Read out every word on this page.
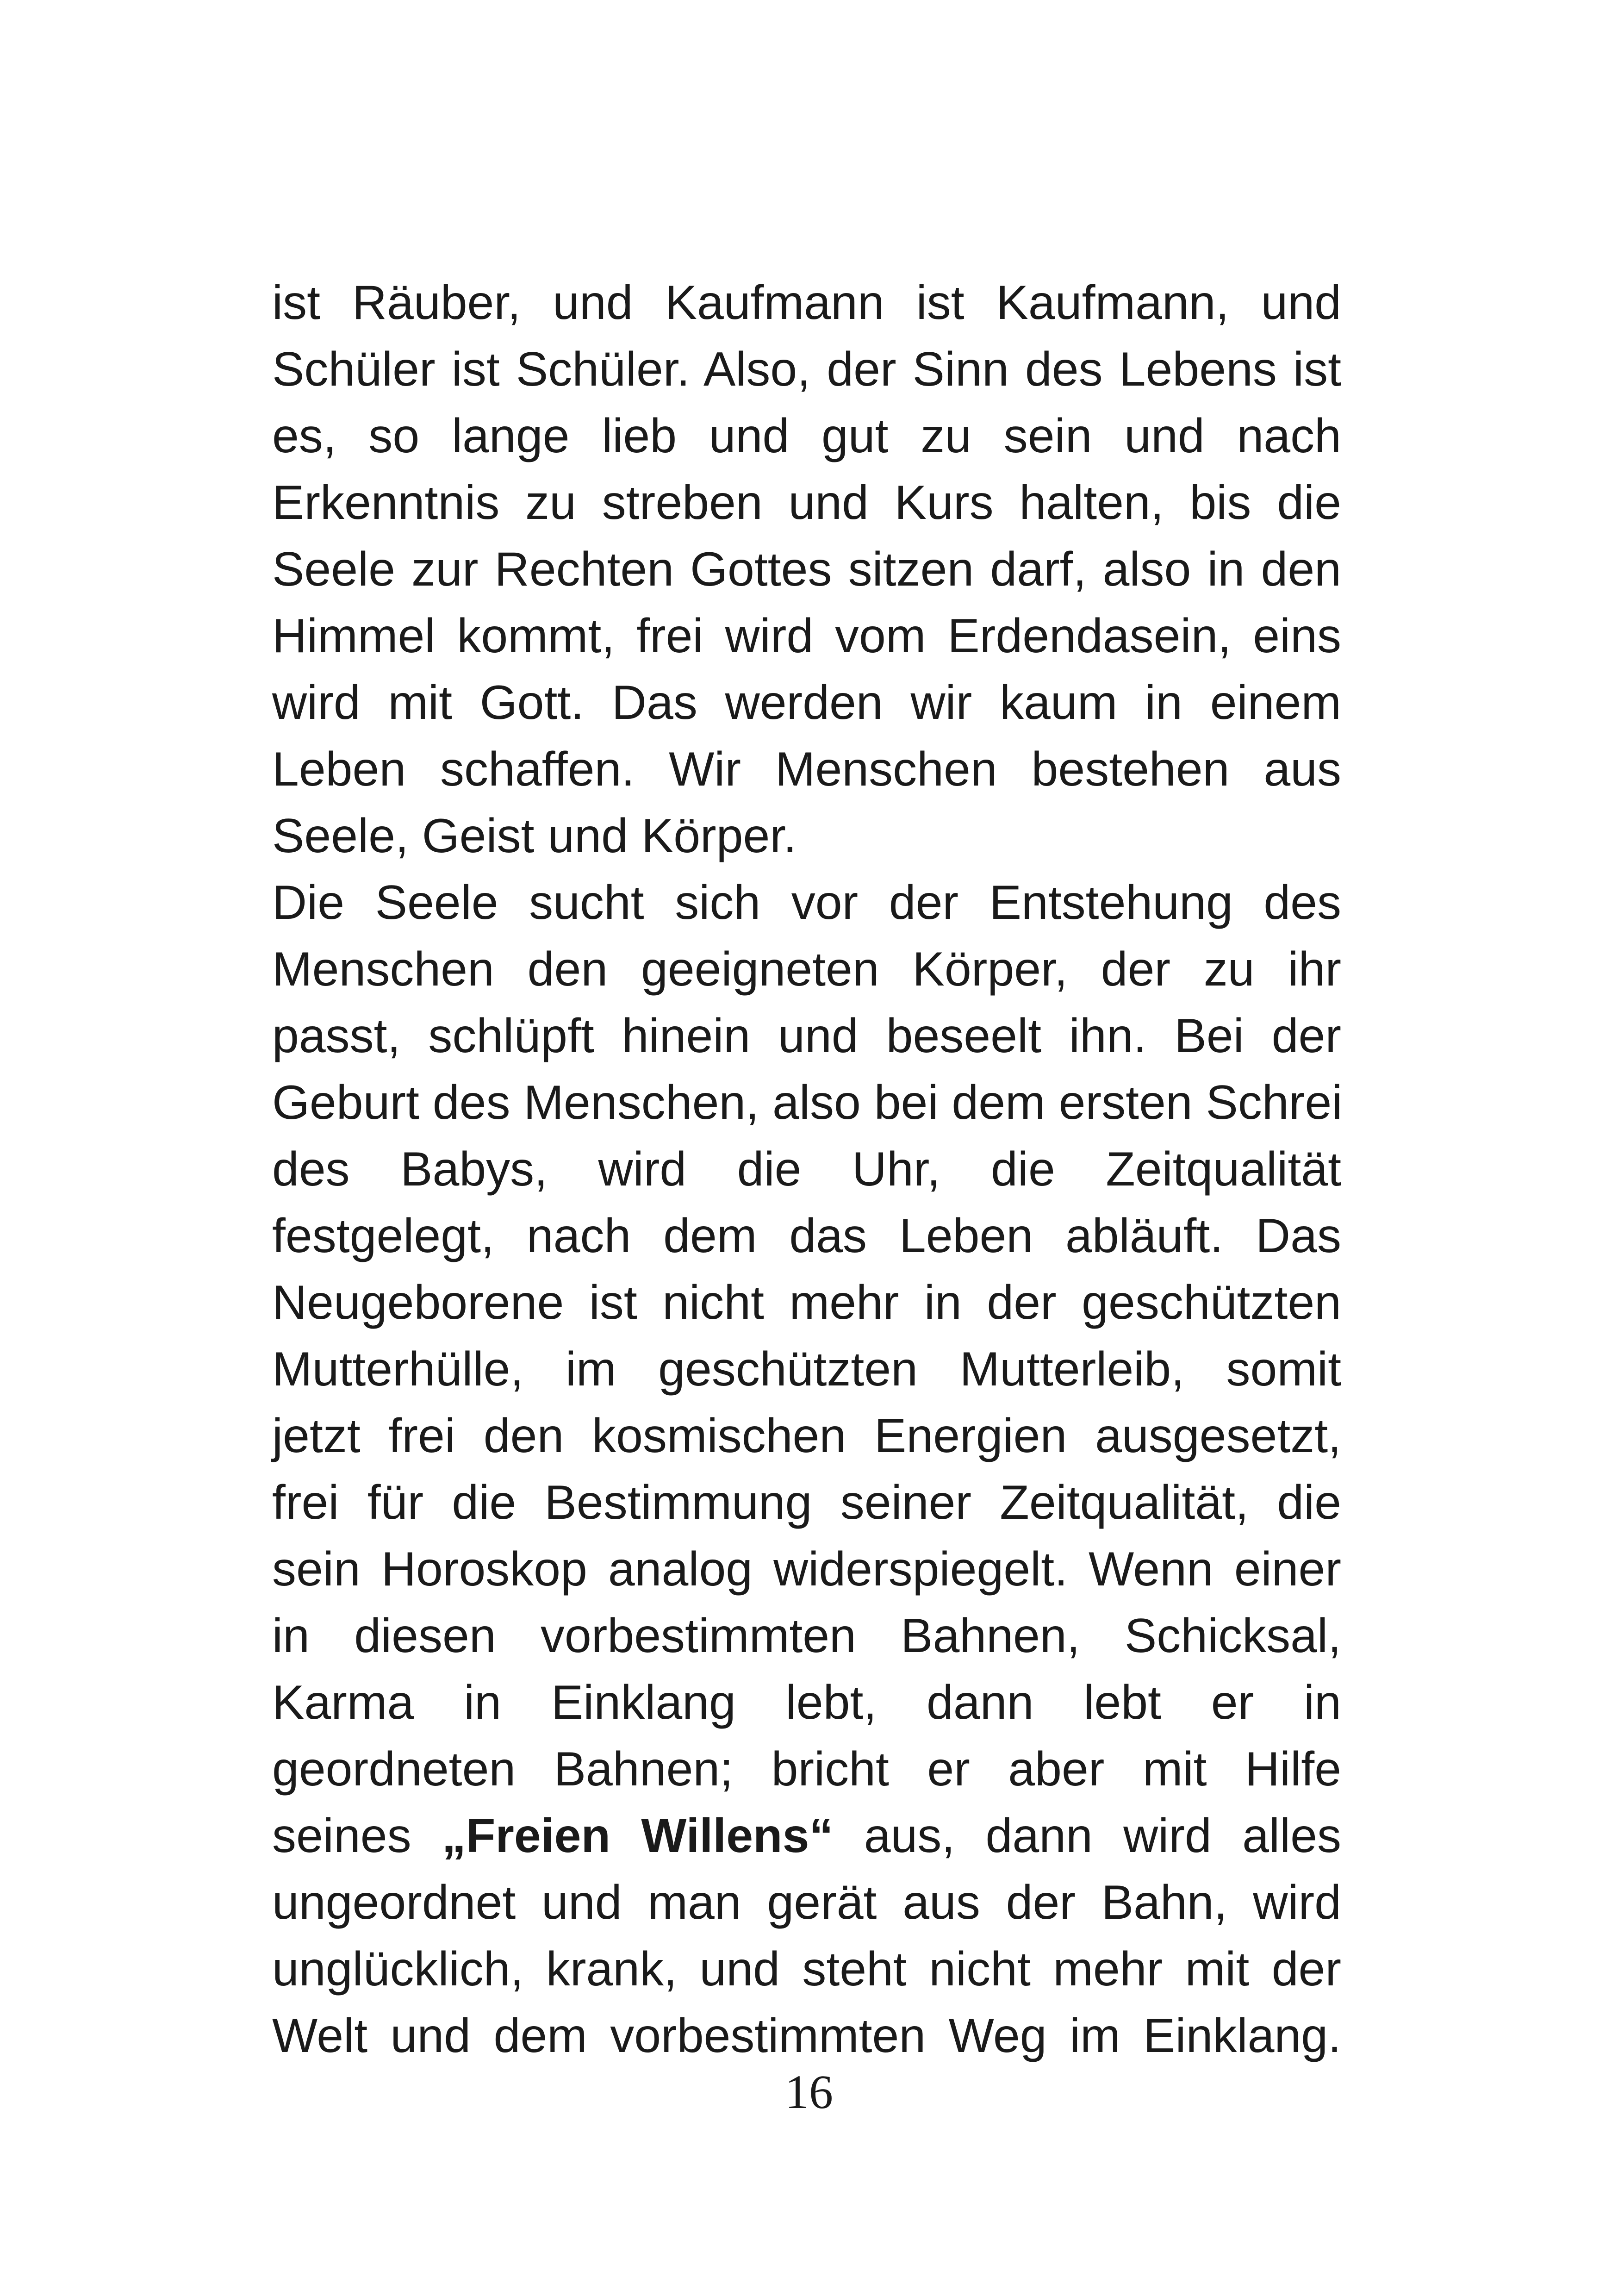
ist Räuber, und Kaufmann ist Kaufmann, und
Schüler ist Schüler. Also, der Sinn des Lebens ist
es, so lange lieb und gut zu sein und nach
Erkenntnis zu streben und Kurs halten, bis die
Seele zur Rechten Gottes sitzen darf, also in den
Himmel kommt, frei wird vom Erdendasein, eins
wird mit Gott. Das werden wir kaum in einem
Leben schaffen. Wir Menschen bestehen aus
Seele, Geist und Körper.
Die Seele sucht sich vor der Entstehung des
Menschen den geeigneten Körper, der zu ihr
passt, schlüpft hinein und beseelt ihn. Bei der
Geburt des Menschen, also bei dem ersten Schrei
des Babys, wird die Uhr, die Zeitqualität
festgelegt, nach dem das Leben abläuft. Das
Neugeborene ist nicht mehr in der geschützten
Mutterhülle, im geschützten Mutterleib, somit
jetzt frei den kosmischen Energien ausgesetzt,
frei für die Bestimmung seiner Zeitqualität, die
sein Horoskop analog widerspiegelt. Wenn einer
in diesen vorbestimmten Bahnen, Schicksal,
Karma in Einklang lebt, dann lebt er in
geordneten Bahnen; bricht er aber mit Hilfe
seines „Freien Willens“ aus, dann wird alles
ungeordnet und man gerät aus der Bahn, wird
unglücklich, krank, und steht nicht mehr mit der
Welt und dem vorbestimmten Weg im Einklang.
16
